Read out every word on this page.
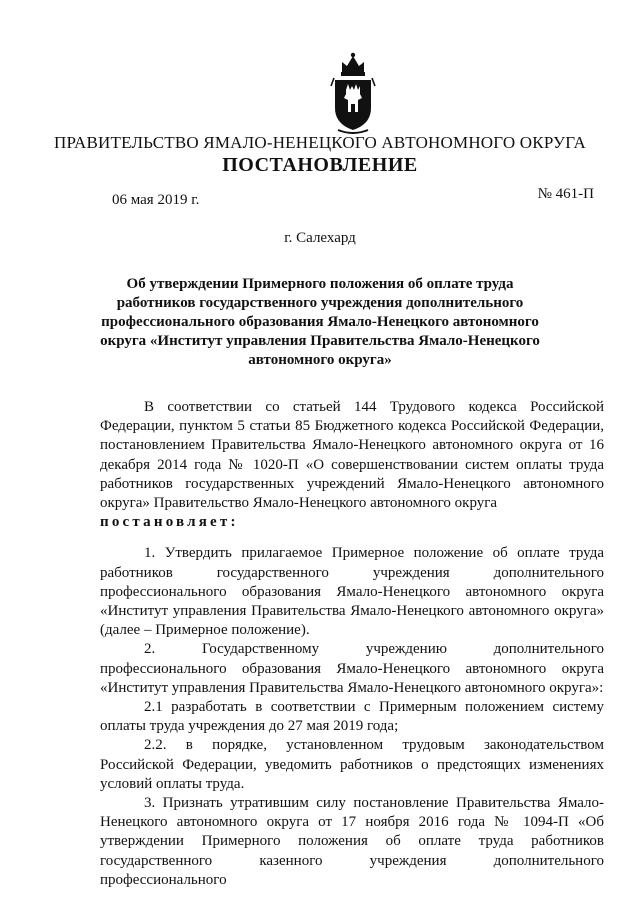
ПРАВИТЕЛЬСТВО ЯМАЛО-НЕНЕЦКОГО АВТОНОМНОГО ОКРУГА
ПОСТАНОВЛЕНИЕ
06 мая 2019 г.	№ 461-П
г. Салехард
Об утверждении Примерного положения об оплате труда работников государственного учреждения дополнительного профессионального образования Ямало-Ненецкого автономного округа «Институт управления Правительства Ямало-Ненецкого автономного округа»

В соответствии со статьей 144 Трудового кодекса Российской Федерации, пунктом 5 статьи 85 Бюджетного кодекса Российской Федерации, постановлением Правительства Ямало-Ненецкого автономного округа от 16 декабря 2014 года № 1020-П «О совершенствовании систем оплаты труда работников государственных учреждений Ямало-Ненецкого автономного округа» Правительство Ямало-Ненецкого автономного округа

постановляет:

1. Утвердить прилагаемое Примерное положение об оплате труда работников государственного учреждения дополнительного профессионального образования Ямало-Ненецкого автономного округа «Институт управления Правительства Ямало-Ненецкого автономного округа» (далее – Примерное положение).

2. Государственному учреждению дополнительного профессионального образования Ямало-Ненецкого автономного округа «Институт управления Правительства Ямало-Ненецкого автономного округа»:

2.1 разработать в соответствии с Примерным положением систему оплаты труда учреждения до 27 мая 2019 года;

2.2. в порядке, установленном трудовым законодательством Российской Федерации, уведомить работников о предстоящих изменениях условий оплаты труда.

3. Признать утратившим силу постановление Правительства Ямало-Ненецкого автономного округа от 17 ноября 2016 года № 1094-П «Об утверждении Примерного положения об оплате труда работников государственного казенного учреждения дополнительного профессионального
